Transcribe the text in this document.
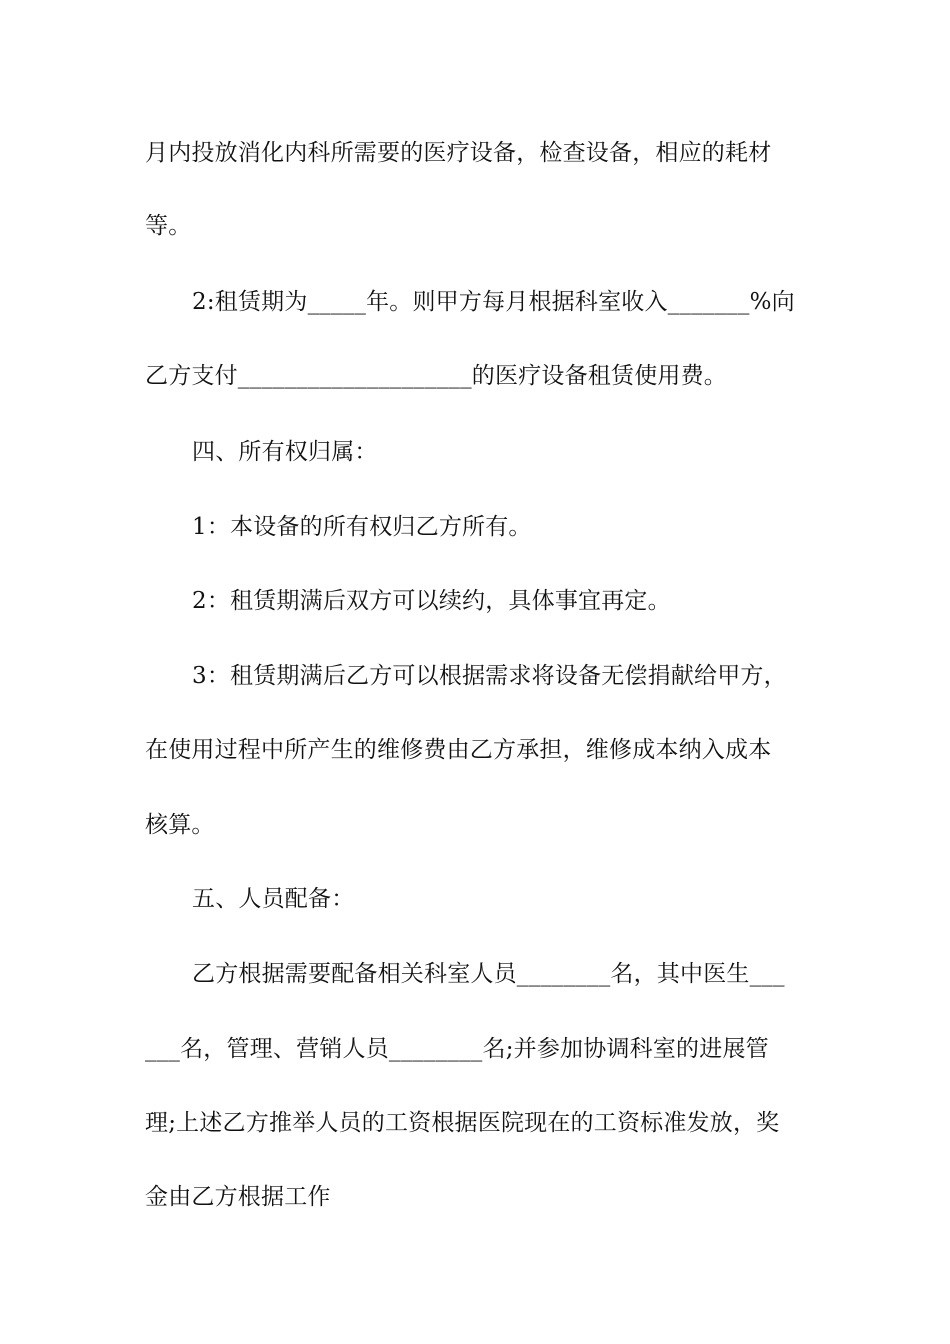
月内投放消化内科所需要的医疗设备，检查设备，相应的耗材
等。
2:租赁期为_____年。则甲方每月根据科室收入_______%向
乙方支付____________________的医疗设备租赁使用费。
四、所有权归属：
1：本设备的所有权归乙方所有。
2：租赁期满后双方可以续约，具体事宜再定。
3：租赁期满后乙方可以根据需求将设备无偿捐献给甲方，
在使用过程中所产生的维修费由乙方承担，维修成本纳入成本
核算。
五、人员配备：
乙方根据需要配备相关科室人员________名，其中医生___
___名，管理、营销人员________名;并参加协调科室的进展管
理;上述乙方推举人员的工资根据医院现在的工资标准发放，奖
金由乙方根据工作
